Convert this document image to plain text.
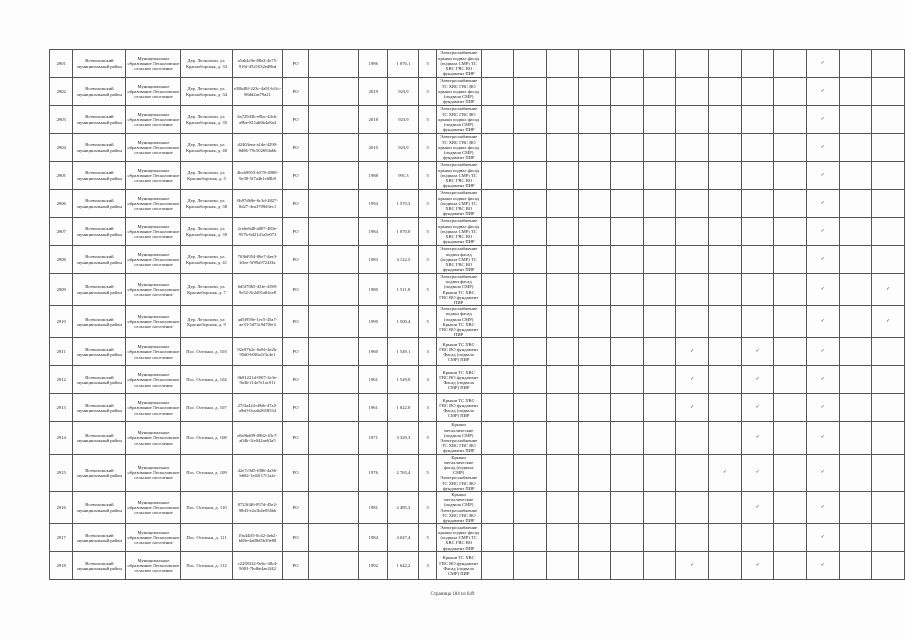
2901	Всеволожский муниципальный район	Муниципальное образование Лесколовское сельское поселение	Дер. Лесколово, ул. Красноборская, д. 33	a5ab4c9e-88a3-4e75-916f-4521032ed8bd	РО		1986	1 076,1	5	Электроснабжение крыши подвал фасад (подвала СМР) ТС ХВС ГВС ВО фундамент ПИР											✓		
2902	Всеволожский муниципальный район	Муниципальное образование Лесколовское сельское поселение	Дер. Лесколово, ул. Красноборская, д. 34	e38b48f-223c-4a91-b1fc-98dd2ae79a21	РО		2019	923,9	5	Электроснабжение ТС ХВС ГВС ВО крыши подвал фасад (подвала СМР) фундамент ПИР											✓		
2903	Всеволожский муниципальный район	Муниципальное образование Лесколовское сельское поселение	Дер. Лесколово, ул. Красноборская, д. 35	6a72943b-e9bc-44cb-a9be-811ab6b4e8a4	РО		2018	923,9	5	Электроснабжение ТС ХВС ГВС ВО крыши подвал фасад (подвала СМР) фундамент ПИР											✓		
2904	Всеволожский муниципальный район	Муниципальное образование Лесколовское сельское поселение	Дер. Лесколово, ул. Красноборская, д. 40	d2403eea-a1de-4290-8d86-79c502694a6b	РО		2010	923,9	5	Электроснабжение ТС ХВС ГВС ВО крыши подвал фасад (подвала СМР) фундамент ПИР											✓		
2905	Всеволожский муниципальный район	Муниципальное образование Лесколовское сельское поселение	Дер. Лесколово, ул. Красноборская, д. 5	4bcb9953-b578-4988-9e38-5f7a4b1e68b9	РО		1988	991,3	5	Электроснабжение крыши подвал фасад (подвала СМР) ТС ХВС ГВС ВО фундамент ПИР											✓		
2906	Всеволожский муниципальный район	Муниципальное образование Лесколовское сельское поселение	Дер. Лесколово, ул. Красноборская, д. 38	0b97db9e-6c3d-4827-8d27-4ea3709d3ec1	РО		1994	1 570,3	5	Электроснабжение крыши подвал фасад (подвала СМР) ТС ХВС ГВС ВО фундамент ПИР											✓		
2907	Всеволожский муниципальный район	Муниципальное образование Лесколовское сельское поселение	Дер. Лесколово, ул. Красноборская, д. 39	2ce6e6d8-a807-483e-957b-6d21d1a5e073	РО		1984	1 070,0	5	Электроснабжение крыши подвал фасад (подвала СМР) ТС ХВС ГВС ВО фундамент ПИР											✓		
2908	Всеволожский муниципальный район	Муниципальное образование Лесколовское сельское поселение	Дер. Лесколово, ул. Красноборская, д. 41	7f06d954-06e7-4ee3-b5ee-5f99a9724f3a	РО		1983	4 122,5	5	Электроснабжение подвал фасад (подвала СМР) ТС ХВС ГВС ВО фундамент ПИР											✓		
2909	Всеволожский муниципальный район	Муниципальное образование Лесколовское сельское поселение	Дер. Лесколово, ул. Красноборская, д. 7	6d5f7065-43fe-4198-9e52-8c2d91a84ce8	РО		1980	1 511,8	5	Электроснабжение подвал фасад (подвала СМР) Крыши ТС ХВС ГВС ВО фундамент ПИР											✓		✓
2910	Всеволожский муниципальный район	Муниципальное образование Лесколовское сельское поселение	Дер. Лесколово, ул. Красноборская, д. 9	ad5f959e-1ec5-45a7-ae33-5d73c9d70fe3	РО		1990	1 500,4	5	Электроснабжение подвал фасад (подвала СМР) Крыши ТС ХВС ГВС ВО фундамент ПИР											✓		✓
2911	Всеволожский муниципальный район	Муниципальное образование Лесколовское сельское поселение	Пос. Осельки, д. 103	92e97b2c-6a94-4e2b-95d0-b9f6a1f3c4e1	РО		1960	1 549,1	3	Крыши ТС ХВС ГВС ВО фундамент Фасад (подвала СМР) ПИР							✓		✓		✓		
2912	Всеволожский муниципальный район	Муниципальное образование Лесколовское сельское поселение	Пос. Осельки, д. 104	0b81221d-09f7-4c3e-9a3b-f14e7e1ac911	РО		1961	1 549,0	3	Крыши ТС ХВС ГВС ВО фундамент Фасад (подвала СМР) ПИР							✓		✓		✓		
2913	Всеволожский муниципальный район	Муниципальное образование Лесколовское сельское поселение	Пос. Осельки, д. 107	27f3a424-d9eb-47a5-a9e0-0caab2658534	РО		1961	1 022,0	3	Крыши ТС ХВС ГВС ВО фундамент Фасад (подвала СМР) ПИР							✓		✓		✓		
2914	Всеволожский муниципальный район	Муниципальное образование Лесколовское сельское поселение	Пос. Осельки, д. 108	e8a9bd09-0962-43c7-a04b-1fe042ae63a5	РО		1971	3 329,3	5	Крыши металлические (подвала СМР) Электроснабжение ТС ХВС ГВС ВО фундамент ПИР									✓		✓		
2915	Всеволожский муниципальный район	Муниципальное образование Лесколовское сельское поселение	Пос. Осельки, д. 109	42e7c9d5-f086-4a36-b682-1e02f17f1a2e	РО		1976	2 765,4	5	Крыши металлические фасад (подвала СМР) Электроснабжение ТС ХВС ГВС ВО фундамент ПИР								✓	✓		✓		
2916	Всеволожский муниципальный район	Муниципальное образование Лесколовское сельское поселение	Пос. Осельки, д. 110	0723f4f6-857d-45e2-98d3-e2a1b4e054bb	РО		1981	2 485,3	5	Крыши металлические (подвала СМР) Электроснабжение ТС ХВС ГВС ВО фундамент ПИР									✓		✓		
2917	Всеволожский муниципальный район	Муниципальное образование Лесколовское сельское поселение	Пос. Осельки, д. 111	19a44ff5-0c42-4eb2-b68e-4a08d5b39e88	РО		1984	4 047,4	5	Электроснабжение крыши подвал фасад (подвала СМР) ТС ХВС ГВС ВО фундамент ПИР											✓		
2918	Всеволожский муниципальный район	Муниципальное образование Лесколовское сельское поселение	Пос. Осельки, д. 112	c2258332-9e6c-4fb4-9003-7bd6e4ae2f42	РО		1992	1 642,2	3	Крыши ТС ХВС ГВС ВО фундамент Фасад (подвала СМР) ПИР							✓		✓		✓		
Страница 184 из 649
